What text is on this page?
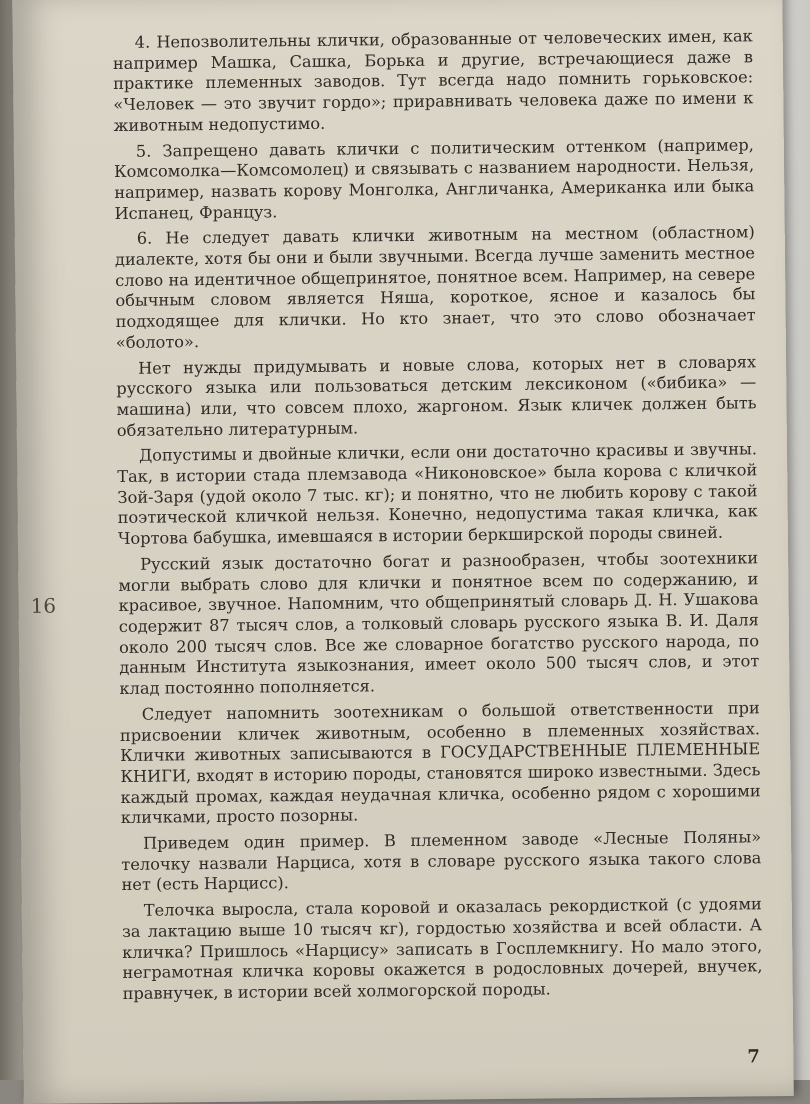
4. Непозволительны клички, образованные от человеческих имен, как например Машка, Сашка, Борька и другие, встречающиеся даже в практике племенных заводов. Тут всегда надо помнить горьковское: «Человек — это звучит гордо»; приравнивать человека даже по имени к животным недопустимо.

5. Запрещено давать клички с политическим оттенком (например, Комсомолка—Комсомолец) и связывать с названием народности. Нельзя, например, назвать корову Монголка, Англичанка, Американка или быка Испанец, Француз.

6. Не следует давать клички животным на местном (областном) диалекте, хотя бы они и были звучными. Всегда лучше заменить местное слово на идентичное общепринятое, понятное всем. Например, на севере обычным словом является Няша, короткое, ясное и казалось бы подходящее для клички. Но кто знает, что это слово обозначает «болото».

Нет нужды придумывать и новые слова, которых нет в словарях русского языка или пользоваться детским лексиконом («бибика» — машина) или, что совсем плохо, жаргоном. Язык кличек должен быть обязательно литературным.

Допустимы и двойные клички, если они достаточно красивы и звучны. Так, в истории стада племзавода «Никоновское» была корова с кличкой Зой-Заря (удой около 7 тыс. кг); и понятно, что не любить корову с такой поэтической кличкой нельзя. Конечно, недопустима такая кличка, как Чортова бабушка, имевшаяся в истории беркширской породы свиней.

Русский язык достаточно богат и разнообразен, чтобы зоотехники могли выбрать слово для клички и понятное всем по содержанию, и красивое, звучное. Напомним, что общепринятый словарь Д. Н. Ушакова содержит 87 тысяч слов, а толковый словарь русского языка В. И. Даля около 200 тысяч слов. Все же словарное богатство русского народа, по данным Института языкознания, имеет около 500 тысяч слов, и этот клад постоянно пополняется.

Следует напомнить зоотехникам о большой ответственности при присвоении кличек животным, особенно в племенных хозяйствах. Клички животных записываются в ГОСУДАРСТВЕННЫЕ ПЛЕМЕННЫЕ КНИГИ, входят в историю породы, становятся широко известными. Здесь каждый промах, каждая неудачная кличка, особенно рядом с хорошими кличками, просто позорны.

Приведем один пример. В племенном заводе «Лесные Поляны» телочку назвали Нарциса, хотя в словаре русского языка такого слова нет (есть Нарцисс).

Телочка выросла, стала коровой и оказалась рекордисткой (с удоями за лактацию выше 10 тысяч кг), гордостью хозяйства и всей области. А кличка? Пришлось «Нарцису» записать в Госплемкнигу. Но мало этого, неграмотная кличка коровы окажется в родословных дочерей, внучек, правнучек, в истории всей холмогорской породы.

16
7
